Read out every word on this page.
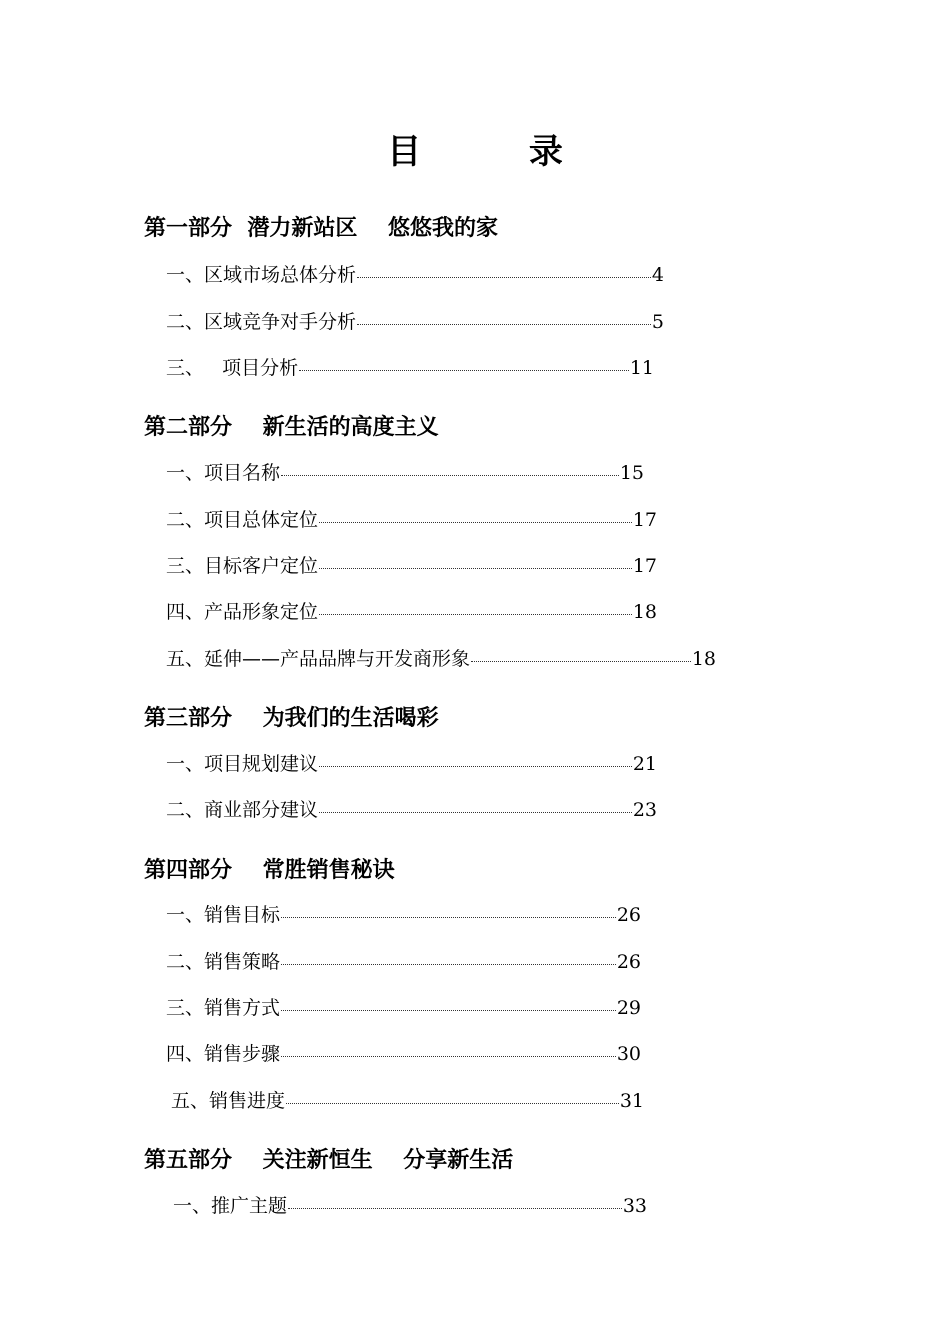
目 录
第一部分  潜力新站区    悠悠我的家
一、区域市场总体分析	4
二、区域竞争对手分析	5
三、   项目分析	11
第二部分    新生活的高度主义
一、项目名称	15
二、项目总体定位	17
三、目标客户定位	17
四、产品形象定位	18
五、延伸——产品品牌与开发商形象	18
第三部分    为我们的生活喝彩
一、项目规划建议	21
二、商业部分建议	23
第四部分    常胜销售秘诀
一、销售目标	26
二、销售策略	26
三、销售方式	29
四、销售步骤	30
五、销售进度	31
第五部分    关注新恒生    分享新生活
一、推广主题	33
